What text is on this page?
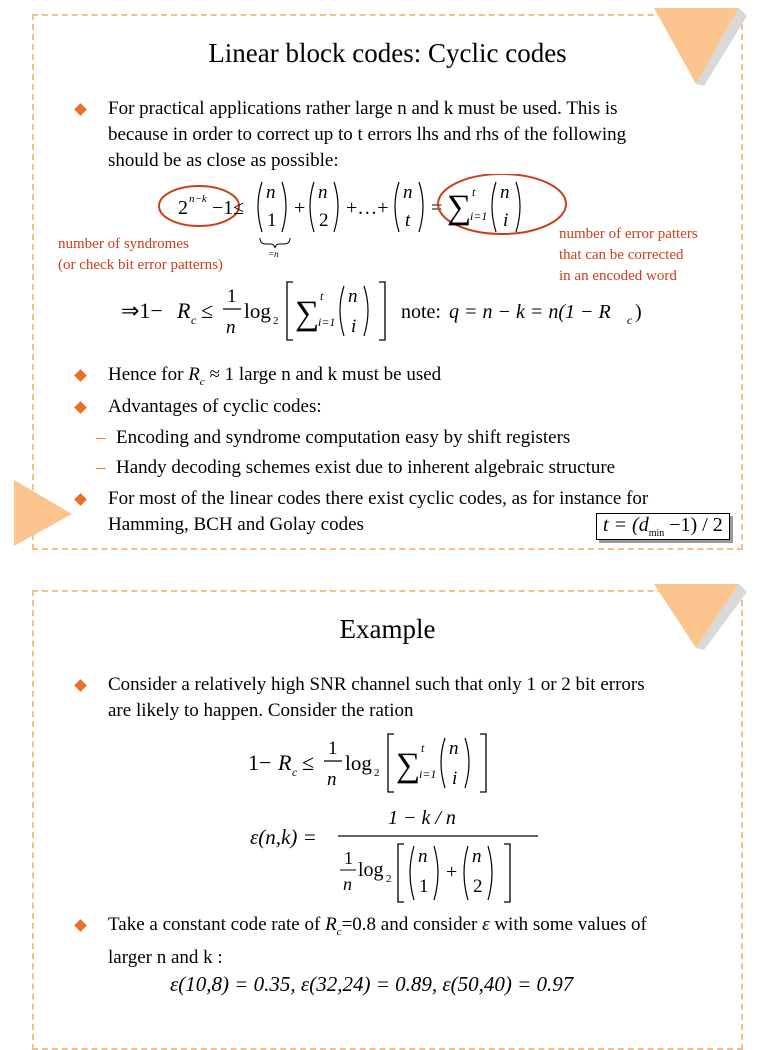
Linear block codes: Cyclic codes
For practical applications rather large n and k must be used. This is
because in order to correct up to t errors lhs and rhs of the following
should be as close as possible:
2 n−k −1≤
n
1
+
n
2
+…+
n
t
= ∑ t
i=1
n
i
=n
number of syndromes
(or check bit error patterns)
number of error patters
that can be corrected
in an encoded word
⇒1− R c ≤
1
n
log 2 ∑ t
i=1
n
i
note: q = n − k = n(1 − R c )
Hence for $R_c \approx 1$ large n and k must be used
Advantages of cyclic codes:
– Encoding and syndrome computation easy by shift registers
– Handy decoding schemes exist due to inherent algebraic structure
For most of the linear codes there exist cyclic codes, as for instance for
Hamming, BCH and Golay codes	$t = (d_{min} -1) / 2$
Example
Consider a relatively high SNR channel such that only 1 or 2 bit errors
are likely to happen. Consider the ration
1− R c ≤
1
n
log 2 ∑ t
i=1
n
i
ε(n,k) =
1 − k / n
1
n
log 2
n
1
+
n
2
Take a constant code rate of $R_c=0.8$ and consider ε with some values of
larger n and k :
ε(10,8) = 0.35, ε(32,24) = 0.89, ε(50,40) = 0.97
